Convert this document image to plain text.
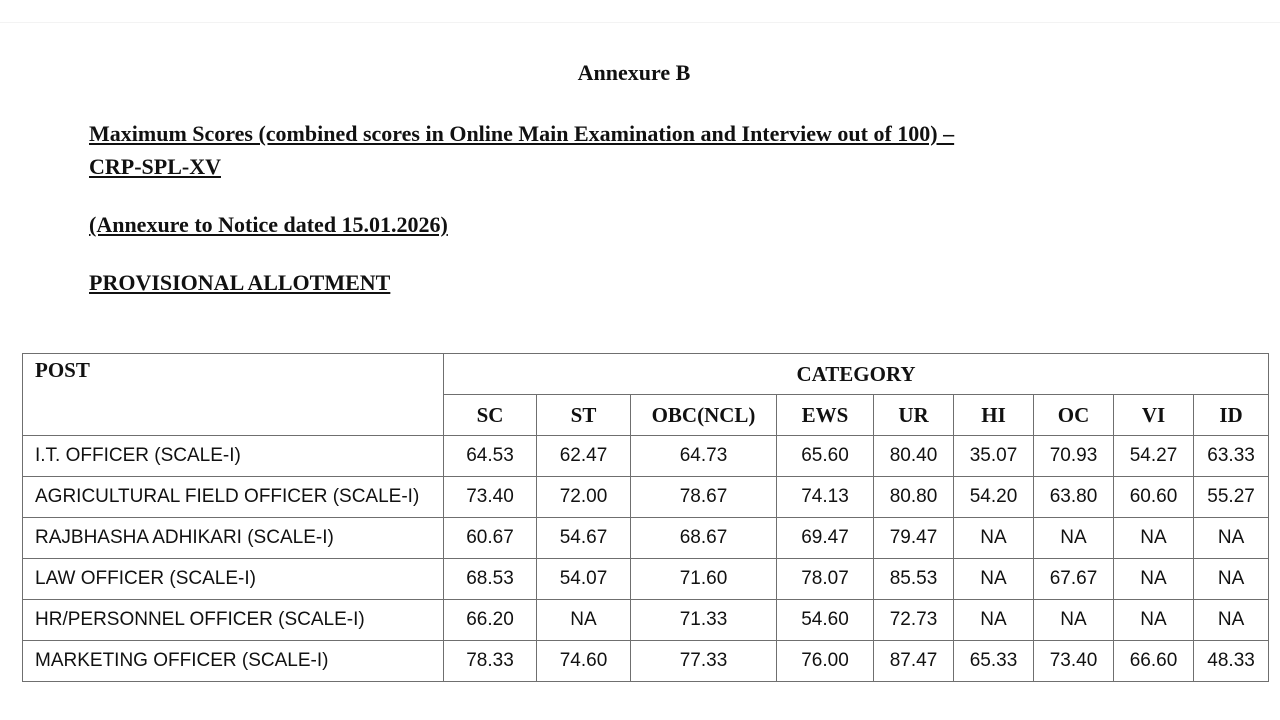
Annexure B
Maximum Scores (combined scores in Online Main Examination and Interview out of 100) –
CRP-SPL-XV
(Annexure to Notice dated 15.01.2026)
PROVISIONAL ALLOTMENT
POST	CATEGORY								
	SC	ST	OBC(NCL)	EWS	UR	HI	OC	VI	ID
I.T. OFFICER (SCALE-I)	64.53	62.47	64.73	65.60	80.40	35.07	70.93	54.27	63.33
AGRICULTURAL FIELD OFFICER (SCALE-I)	73.40	72.00	78.67	74.13	80.80	54.20	63.80	60.60	55.27
RAJBHASHA ADHIKARI (SCALE-I)	60.67	54.67	68.67	69.47	79.47	NA	NA	NA	NA
LAW OFFICER (SCALE-I)	68.53	54.07	71.60	78.07	85.53	NA	67.67	NA	NA
HR/PERSONNEL OFFICER (SCALE-I)	66.20	NA	71.33	54.60	72.73	NA	NA	NA	NA
MARKETING OFFICER (SCALE-I)	78.33	74.60	77.33	76.00	87.47	65.33	73.40	66.60	48.33
